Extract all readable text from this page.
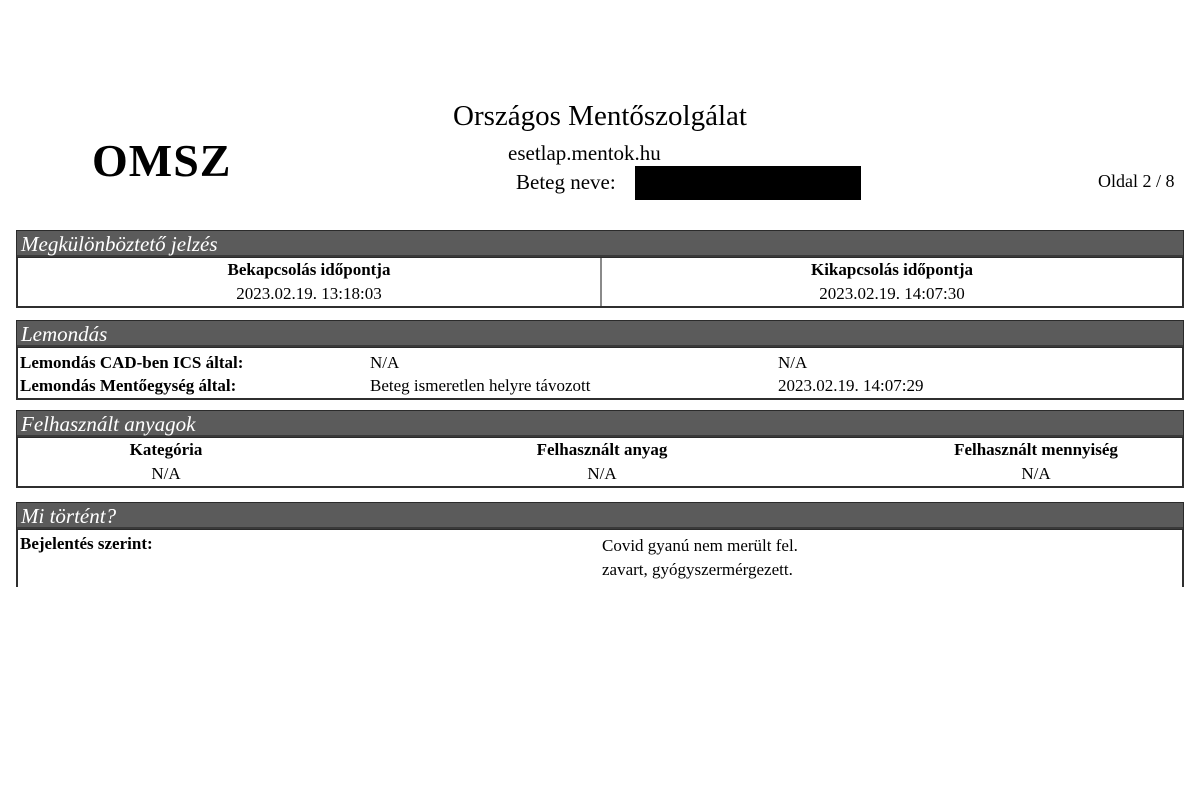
OMSZ
Országos Mentőszolgálat
esetlap.mentok.hu
Beteg neve:	Oldal 2 / 8
Megkülönböztető jelzés
Bekapcsolás időpontja	Kikapcsolás időpontja
2023.02.19. 13:18:03	2023.02.19. 14:07:30
Lemondás
Lemondás CAD-ben ICS által:	N/A	N/A
Lemondás Mentőegység által:	Beteg ismeretlen helyre távozott	2023.02.19. 14:07:29
Felhasznált anyagok
Kategória	Felhasznált anyag	Felhasznált mennyiség
N/A	N/A	N/A
Mi történt?
Bejelentés szerint:	Covid gyanú nem merült fel.
zavart, gyógyszermérgezett.
